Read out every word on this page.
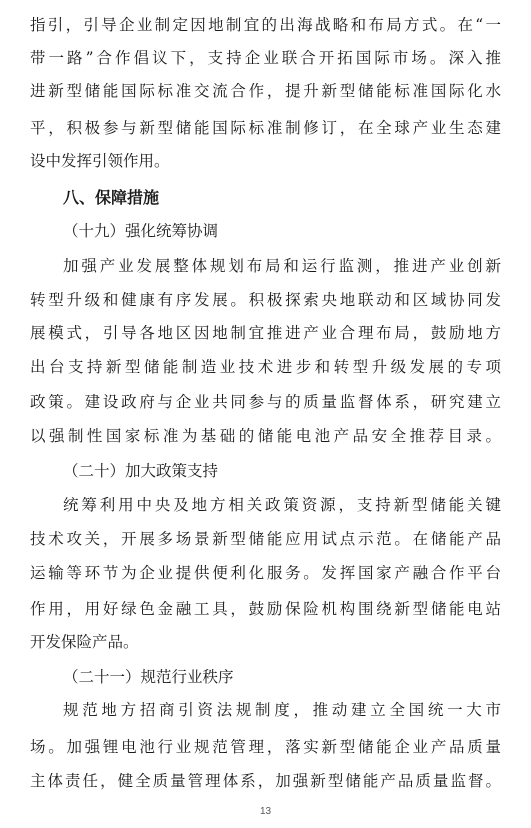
指引，引导企业制定因地制宜的出海战略和布局方式。在“一
带一路”合作倡议下，支持企业联合开拓国际市场。深入推
进新型储能国际标准交流合作，提升新型储能标准国际化水
平，积极参与新型储能国际标准制修订，在全球产业生态建
设中发挥引领作用。
八、保障措施
（十九）强化统筹协调
加强产业发展整体规划布局和运行监测，推进产业创新
转型升级和健康有序发展。积极探索央地联动和区域协同发
展模式，引导各地区因地制宜推进产业合理布局，鼓励地方
出台支持新型储能制造业技术进步和转型升级发展的专项
政策。建设政府与企业共同参与的质量监督体系，研究建立
以强制性国家标准为基础的储能电池产品安全推荐目录。
（二十）加大政策支持
统筹利用中央及地方相关政策资源，支持新型储能关键
技术攻关，开展多场景新型储能应用试点示范。在储能产品
运输等环节为企业提供便利化服务。发挥国家产融合作平台
作用，用好绿色金融工具，鼓励保险机构围绕新型储能电站
开发保险产品。
（二十一）规范行业秩序
规范地方招商引资法规制度，推动建立全国统一大市
场。加强锂电池行业规范管理，落实新型储能企业产品质量
主体责任，健全质量管理体系，加强新型储能产品质量监督。
13
